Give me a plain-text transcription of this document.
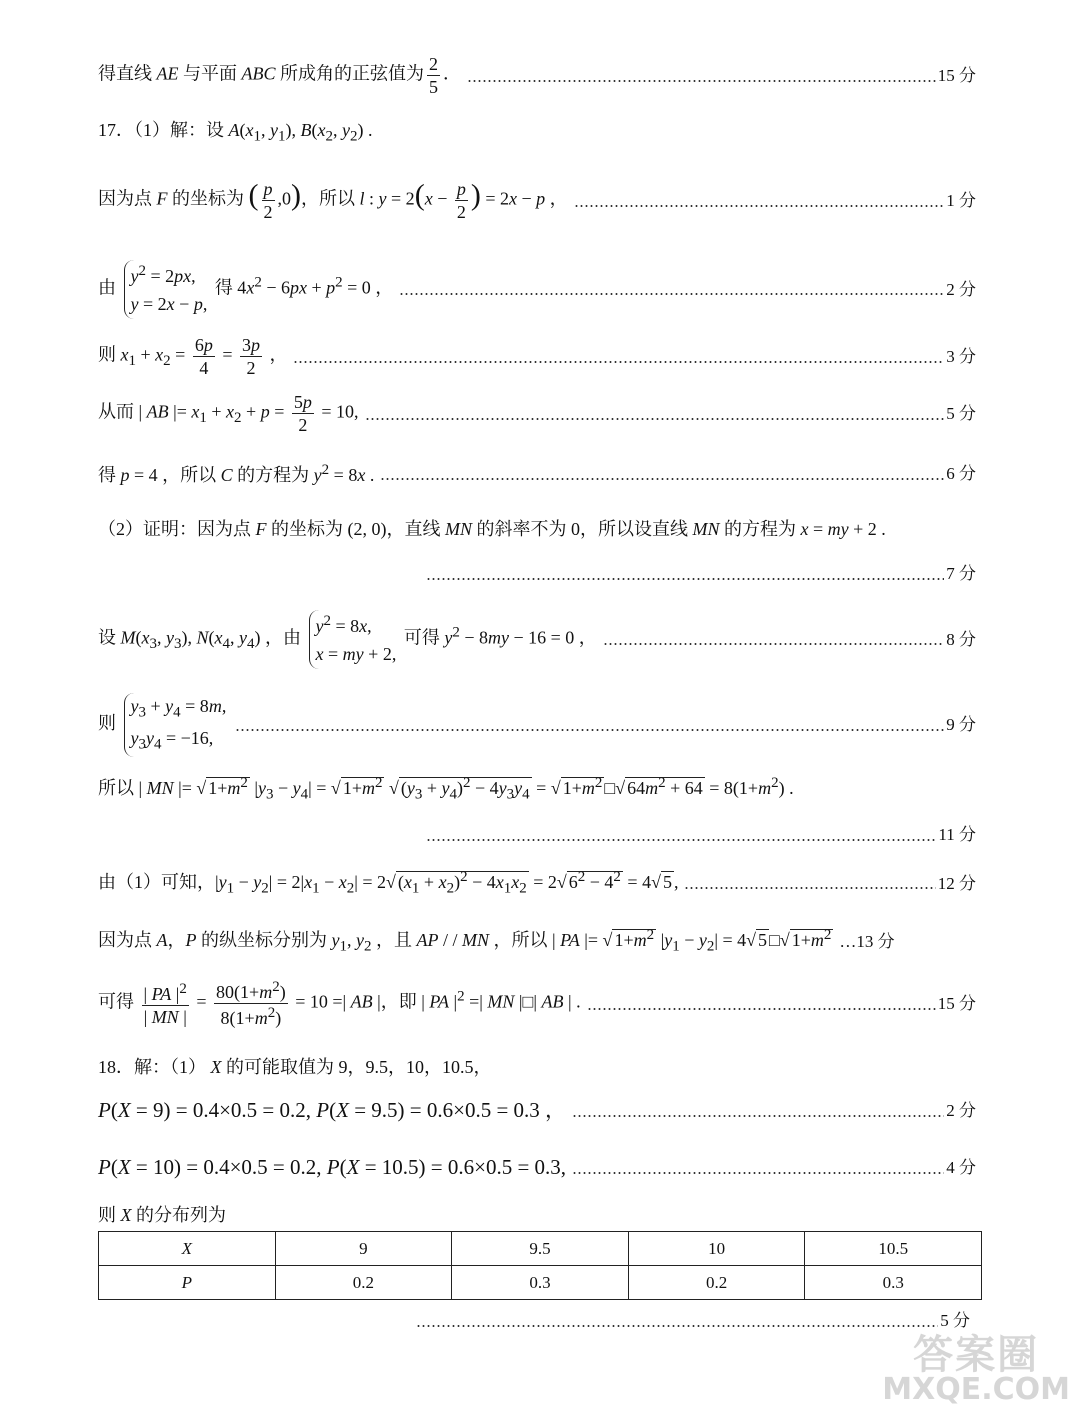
得直线 AE 与平面 ABC 所成角的正弦值为 $\frac{2}{5}$ ．	15 分
17．（1）解：设 $A(x_1$, $y_1$), $B(x_2$, $y_2$) .
因为点 F 的坐标为 ( $\frac{p}{2} ,0$)，所以 l : $y = 2(x - \frac{p}{2}$ ) = 2x − p ，	1 分
由 $y^2 = 2px$,
y = 2x − p, 得 $4x^2 - 6px + p^2 = 0$ ，	2 分
则 $x_1 + x_2 = \frac{6p}{4} = \frac{3p}{2}$ ，	3 分
从而 | AB |= $x_1 + x_2 + p = \frac{5p}{2} = 10$,	5 分
得 p = 4 ，所以 C 的方程为 $y^2 = 8x$ .	6 分
（2）证明：因为点 F 的坐标为 (2, 0)，直线 MN 的斜率不为 0，所以设直线 MN 的方程为 x = my + 2 .
7 分
设 $M(x_3$, $y_3$), $N(x_4$, $y_4$) ，由 $y^2 = 8x$,
x = my + 2, 可得 $y^2 - 8my - 16 = 0$ ，	8 分
则 $y_3 + y_4 = 8m$,
$y_3y_4 = -16$,
9 分
所以 | MN |= √ $1+m^2$ $|y_3 - y_4|$ = √ $1+m^2$ √ $(y_3 + y_4)^2 - 4y_3y_4$ = √ $1+m^2$ □√ $64m^2 + 64 = 8(1+m^2)$ .
11 分
由（1）可知，$|y_1 - y_2| = 2|x_1 - x_2| = 2√$ $(x_1 + x_2)^2 - 4x_1x_2 = 2√$ $6^2 - 4^2 = 4√$ 5 ,	12 分
因为点 A，P 的纵坐标分别为 $y_1$, $y_2$ ，且 AP / / MN ，所以 | PA |= √ $1+m^2$ $|y_1 - y_2| = 4√$ 5 □√ $1+m^2$ …13 分
可得 $\frac{| PA |^2}{| MN |} = \frac{80(1+m^2)}{8(1+m^2)} = 10$ =| AB |，即 | PA $|^2$ =| MN |□| AB | .	15 分
18．解：（1） X 的可能取值为 9，9.5，10，10.5，
P(X = 9) = 0.4×0.5 = 0.2, P(X = 9.5) = 0.6×0.5 = 0.3 ，	2 分
P(X = 10) = 0.4×0.5 = 0.2, P(X = 10.5) = 0.6×0.5 = 0.3,	4 分
则 X 的分布列为
X	9	9.5	10	10.5
P	0.2	0.3	0.2	0.3
5 分
答案圈
MXQE.COM
